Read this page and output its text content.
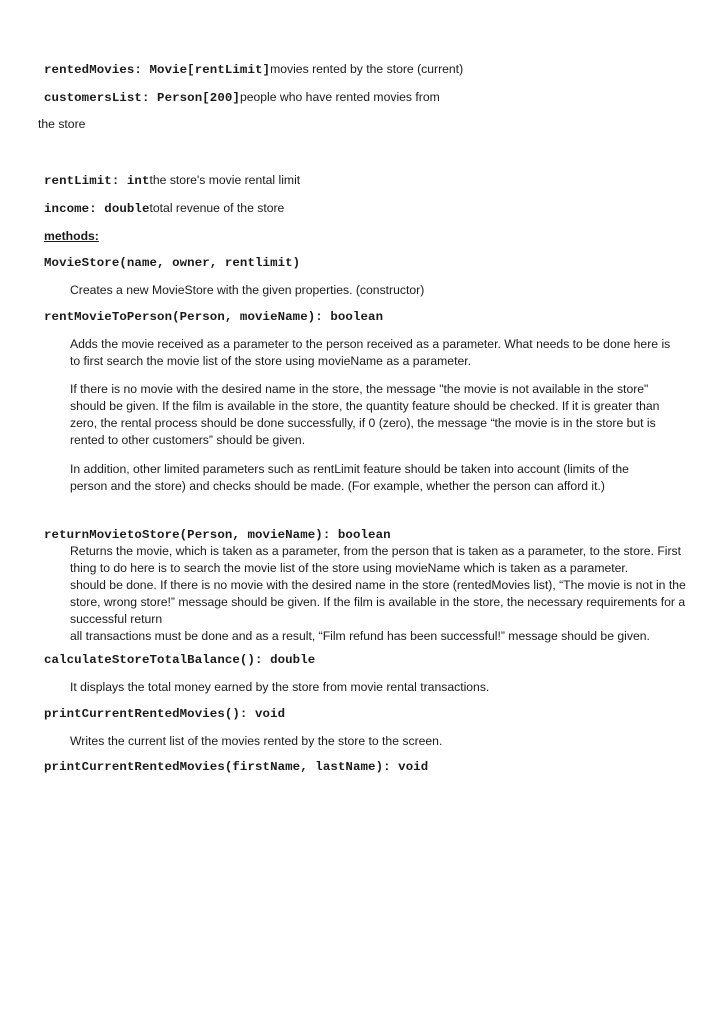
rentedMovies: Movie[rentLimit]movies rented by the store (current)
customersList: Person[200]people who have rented movies from
the store
rentLimit: intthe store's movie rental limit
income: doubletotal revenue of the store
methods:
MovieStore(name, owner, rentlimit)
Creates a new MovieStore with the given properties. (constructor)
rentMovieToPerson(Person, movieName): boolean

Adds the movie received as a parameter to the person received as a parameter. What needs to be done here is

to first search the movie list of the store using movieName as a parameter.

If there is no movie with the desired name in the store, the message "the movie is not available in the store"

should be given. If the film is available in the store, the quantity feature should be checked. If it is greater than

zero, the rental process should be done successfully, if 0 (zero), the message “the movie is in the store but is

rented to other customers” should be given.

In addition, other limited parameters such as rentLimit feature should be taken into account (limits of the

person and the store) and checks should be made. (For example, whether the person can afford it.)

returnMovietoStore(Person, movieName): boolean

Returns the movie, which is taken as a parameter, from the person that is taken as a parameter, to the store. First

thing to do here is to search the movie list of the store using movieName which is taken as a parameter.

should be done. If there is no movie with the desired name in the store (rentedMovies list), “The movie is not in the

store, wrong store!” message should be given. If the film is available in the store, the necessary requirements for a

successful return

all transactions must be done and as a result, “Film refund has been successful!” message should be given.

calculateStoreTotalBalance(): double
It displays the total money earned by the store from movie rental transactions.
printCurrentRentedMovies(): void
Writes the current list of the movies rented by the store to the screen.
printCurrentRentedMovies(firstName, lastName): void
